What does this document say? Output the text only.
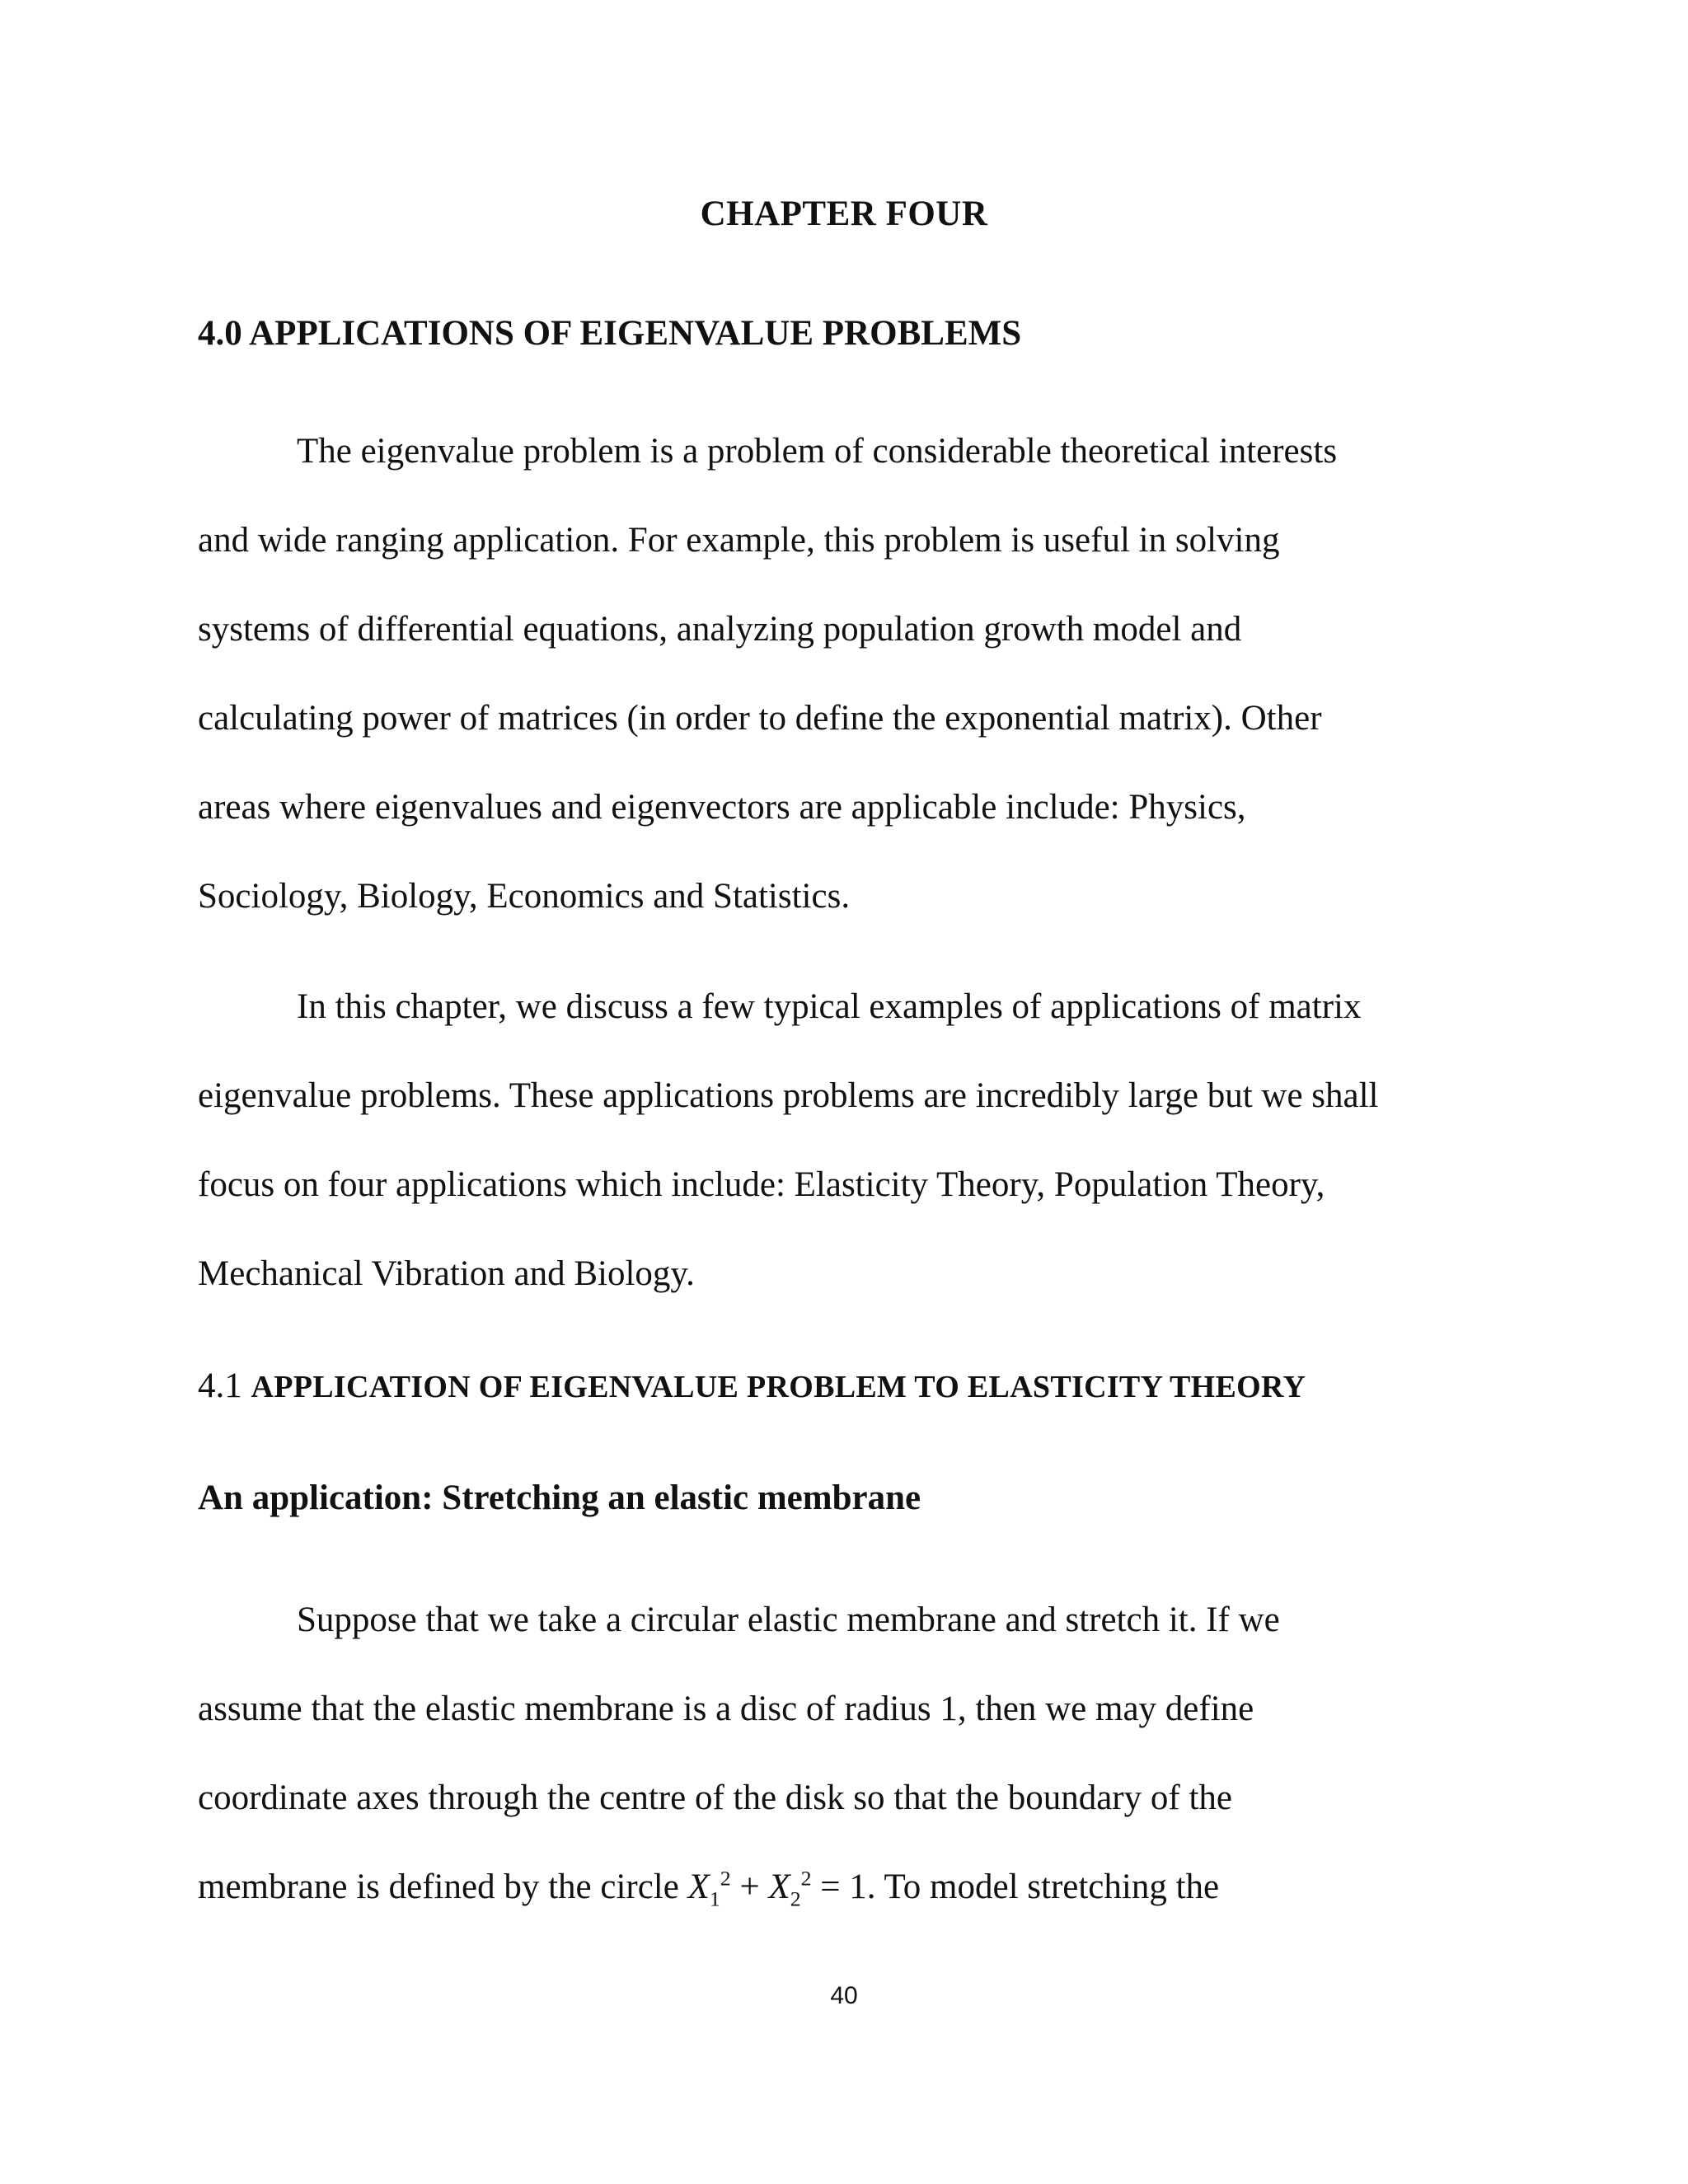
CHAPTER FOUR
4.0 APPLICATIONS OF EIGENVALUE PROBLEMS

The eigenvalue problem is a problem of considerable theoretical interests
and wide ranging application. For example, this problem is useful in solving
systems of differential equations, analyzing population growth model and
calculating power of matrices (in order to define the exponential matrix). Other
areas where eigenvalues and eigenvectors are applicable include: Physics,
Sociology, Biology, Economics and Statistics.

In this chapter, we discuss a few typical examples of applications of matrix
eigenvalue problems. These applications problems are incredibly large but we shall
focus on four applications which include: Elasticity Theory, Population Theory,
Mechanical Vibration and Biology.

4.1 APPLICATION OF EIGENVALUE PROBLEM TO ELASTICITY THEORY
An application: Stretching an elastic membrane

Suppose that we take a circular elastic membrane and stretch it. If we
assume that the elastic membrane is a disc of radius 1, then we may define
coordinate axes through the centre of the disk so that the boundary of the
membrane is defined by the circle $X_1^2 + X_2^2 = 1$. To model stretching the

40
